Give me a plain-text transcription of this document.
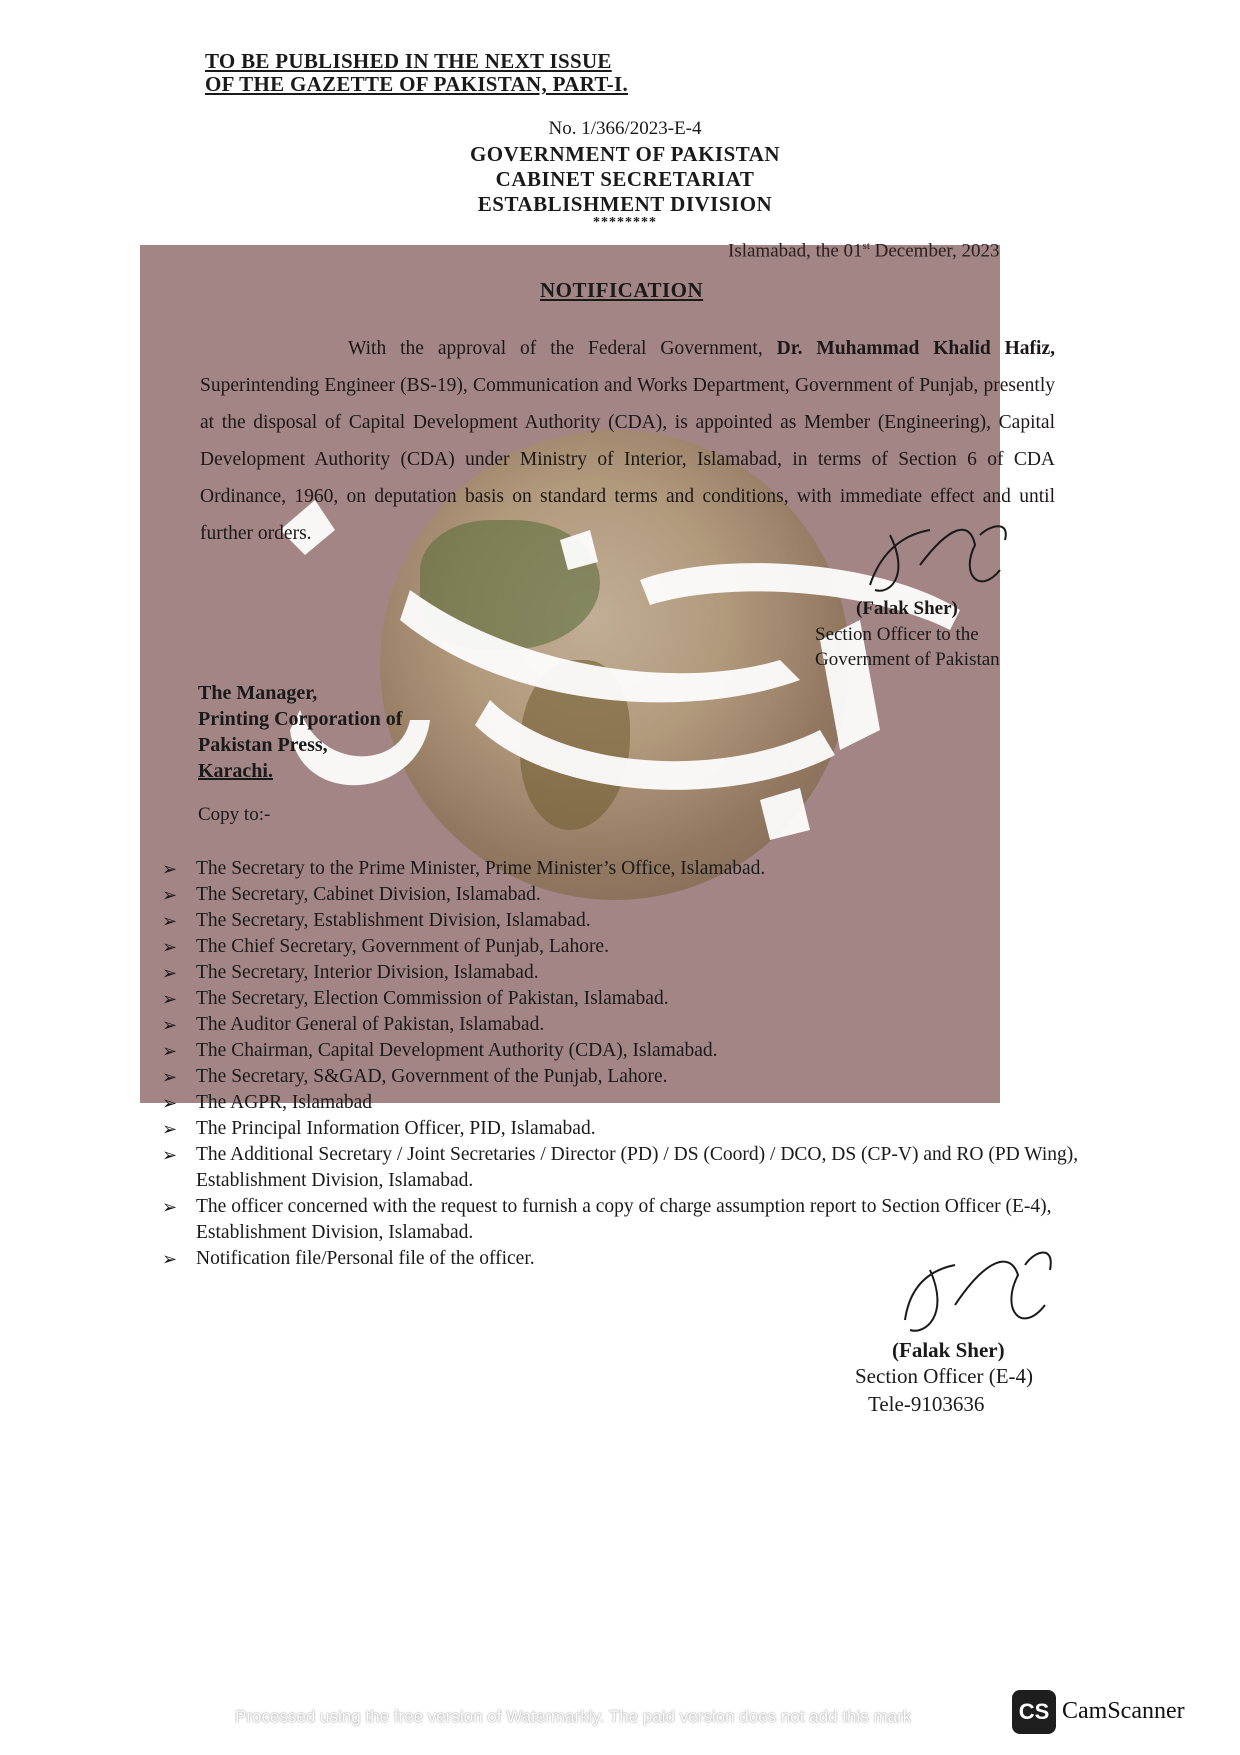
TO BE PUBLISHED IN THE NEXT ISSUE
OF THE GAZETTE OF PAKISTAN, PART-I.
No. 1/366/2023-E-4
GOVERNMENT OF PAKISTAN
CABINET SECRETARIAT
ESTABLISHMENT DIVISION
********
Islamabad, the 01st December, 2023
NOTIFICATION
With the approval of the Federal Government, Dr. Muhammad Khalid Hafiz, Superintending Engineer (BS-19), Communication and Works Department, Government of Punjab, presently at the disposal of Capital Development Authority (CDA), is appointed as Member (Engineering), Capital Development Authority (CDA) under Ministry of Interior, Islamabad, in terms of Section 6 of CDA Ordinance, 1960, on deputation basis on standard terms and conditions, with immediate effect and until further orders.
(Falak Sher)
Section Officer to the
Government of Pakistan
The Manager,
Printing Corporation of
Pakistan Press,
Karachi.
Copy to:-
➢ The Secretary to the Prime Minister, Prime Minister’s Office, Islamabad.
➢ The Secretary, Cabinet Division, Islamabad.
➢ The Secretary, Establishment Division, Islamabad.
➢ The Chief Secretary, Government of Punjab, Lahore.
➢ The Secretary, Interior Division, Islamabad.
➢ The Secretary, Election Commission of Pakistan, Islamabad.
➢ The Auditor General of Pakistan, Islamabad.
➢ The Chairman, Capital Development Authority (CDA), Islamabad.
➢ The Secretary, S&GAD, Government of the Punjab, Lahore.
➢ The AGPR, Islamabad
➢ The Principal Information Officer, PID, Islamabad.
➢ The Additional Secretary / Joint Secretaries / Director (PD) / DS (Coord) / DCO, DS (CP-V) and RO (PD Wing), Establishment Division, Islamabad.
➢ The officer concerned with the request to furnish a copy of charge assumption report to Section Officer (E-4), Establishment Division, Islamabad.
➢ Notification file/Personal file of the officer.
(Falak Sher)
Section Officer (E-4)
Tele-9103636
Processed using the free version of Watermarkly. The paid version does not add this mark	CS CamScanner
